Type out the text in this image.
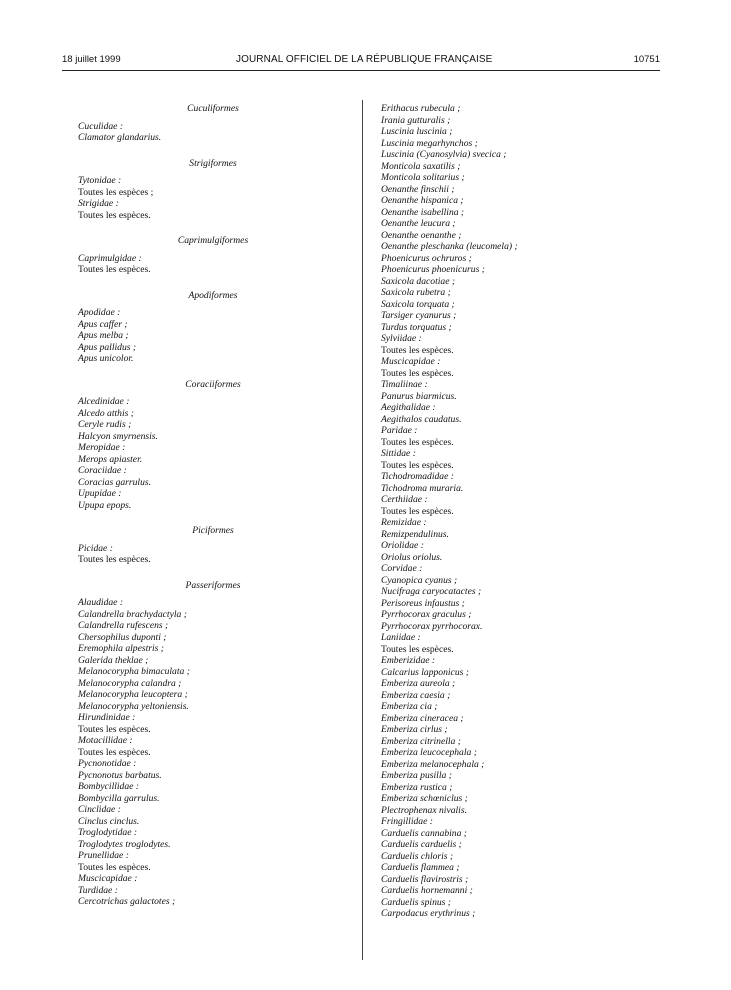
18 juillet 1999	JOURNAL OFFICIEL DE LA RÉPUBLIQUE FRANÇAISE	10751
Cuculiformes
Cuculidae :
Clamator glandarius.
Strigiformes
Tytonidae :
Toutes les espèces ;
Strigidae :
Toutes les espèces.
Caprimulgiformes
Caprimulgidae :
Toutes les espèces.
Apodiformes
Apodidae :
Apus caffer ;
Apus melba ;
Apus pallidus ;
Apus unicolor.
Coraciiformes
Alcedinidae :
Alcedo atthis ;
Ceryle rudis ;
Halcyon smyrnensis.
Meropidae :
Merops apiaster.
Coraciidae :
Coracias garrulus.
Upupidae :
Upupa epops.
Piciformes
Picidae :
Toutes les espèces.
Passeriformes
Alaudidae :
Calandrella brachydactyla ;
Calandrella rufescens ;
Chersophilus duponti ;
Eremophila alpestris ;
Galerida theklae ;
Melanocorypha bimaculata ;
Melanocorypha calandra ;
Melanocorypha leucoptera ;
Melanocorypha yeltoniensis.
Hirundinidae :
Toutes les espèces.
Motacillidae :
Toutes les espèces.
Pycnonotidae :
Pycnonotus barbatus.
Bombycillidae :
Bombycilla garrulus.
Cinclidae :
Cinclus cinclus.
Troglodytidae :
Troglodytes troglodytes.
Prunellidae :
Toutes les espèces.
Muscicapidae :
Turdidae :
Cercotrichas galactotes ;
Erithacus rubecula ;
Irania gutturalis ;
Luscinia luscinia ;
Luscinia megarhynchos ;
Luscinia (Cyanosylvia) svecica ;
Monticola saxatilis ;
Monticola solitarius ;
Oenanthe finschii ;
Oenanthe hispanica ;
Oenanthe isabellina ;
Oenanthe leucura ;
Oenanthe oenanthe ;
Oenanthe pleschanka (leucomela) ;
Phoenicurus ochruros ;
Phoenicurus phoenicurus ;
Saxicola dacotiae ;
Saxicola rubetra ;
Saxicola torquata ;
Tarsiger cyanurus ;
Turdus torquatus ;
Sylviidae :
Toutes les espèces.
Muscicapidae :
Toutes les espèces.
Timaliinae :
Panurus biarmicus.
Aegithalidae :
Aegithalos caudatus.
Paridae :
Toutes les espèces.
Sittidae :
Toutes les espèces.
Tichodromadidae :
Tichodroma muraria.
Certhiidae :
Toutes les espèces.
Remizidae :
Remizpendulinus.
Oriolidae :
Oriolus oriolus.
Corvidae :
Cyanopica cyanus ;
Nucifraga caryocatactes ;
Perisoreus infaustus ;
Pyrrhocorax graculus ;
Pyrrhocorax pyrrhocorax.
Laniidae :
Toutes les espèces.
Emberizidae :
Calcarius lapponicus ;
Emberiza aureola ;
Emberiza caesia ;
Emberiza cia ;
Emberiza cineracea ;
Emberiza cirlus ;
Emberiza citrinella ;
Emberiza leucocephala ;
Emberiza melanocephala ;
Emberiza pusilla ;
Emberiza rustica ;
Emberiza schœniclus ;
Plectrophenax nivalis.
Fringillidae :
Carduelis cannabina ;
Carduelis carduelis ;
Carduelis chloris ;
Carduelis flammea ;
Carduelis flavirostris ;
Carduelis hornemanni ;
Carduelis spinus ;
Carpodacus erythrinus ;
